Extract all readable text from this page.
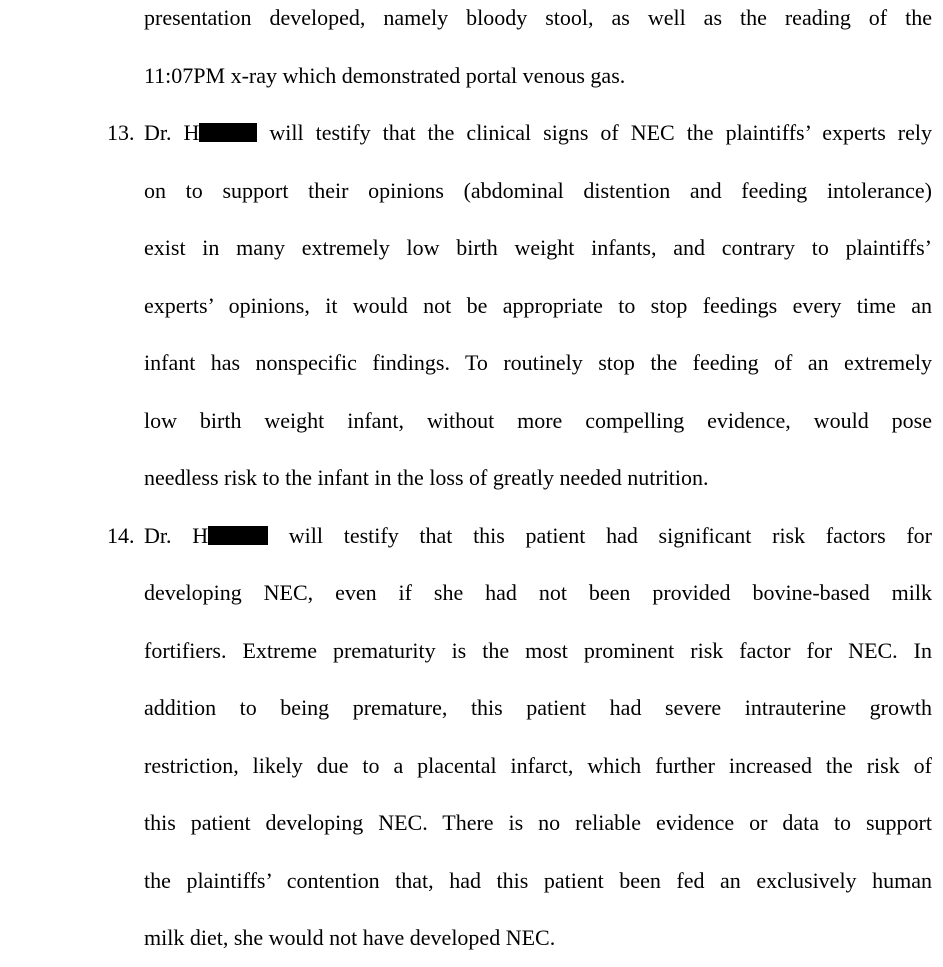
presentation developed, namely bloody stool, as well as the reading of the
11:07PM x-ray which demonstrated portal venous gas.
13. Dr. H	will testify that the clinical signs of NEC the plaintiffs’ experts rely
on to support their opinions (abdominal distention and feeding intolerance)
exist in many extremely low birth weight infants, and contrary to plaintiffs’
experts’ opinions, it would not be appropriate to stop feedings every time an
infant has nonspecific findings. To routinely stop the feeding of an extremely
low birth weight infant, without more compelling evidence, would pose
needless risk to the infant in the loss of greatly needed nutrition.
14. Dr. H	will testify that this patient had significant risk factors for
developing NEC, even if she had not been provided bovine-based milk
fortifiers. Extreme prematurity is the most prominent risk factor for NEC. In
addition to being premature, this patient had severe intrauterine growth
restriction, likely due to a placental infarct, which further increased the risk of
this patient developing NEC. There is no reliable evidence or data to support
the plaintiffs’ contention that, had this patient been fed an exclusively human
milk diet, she would not have developed NEC.
